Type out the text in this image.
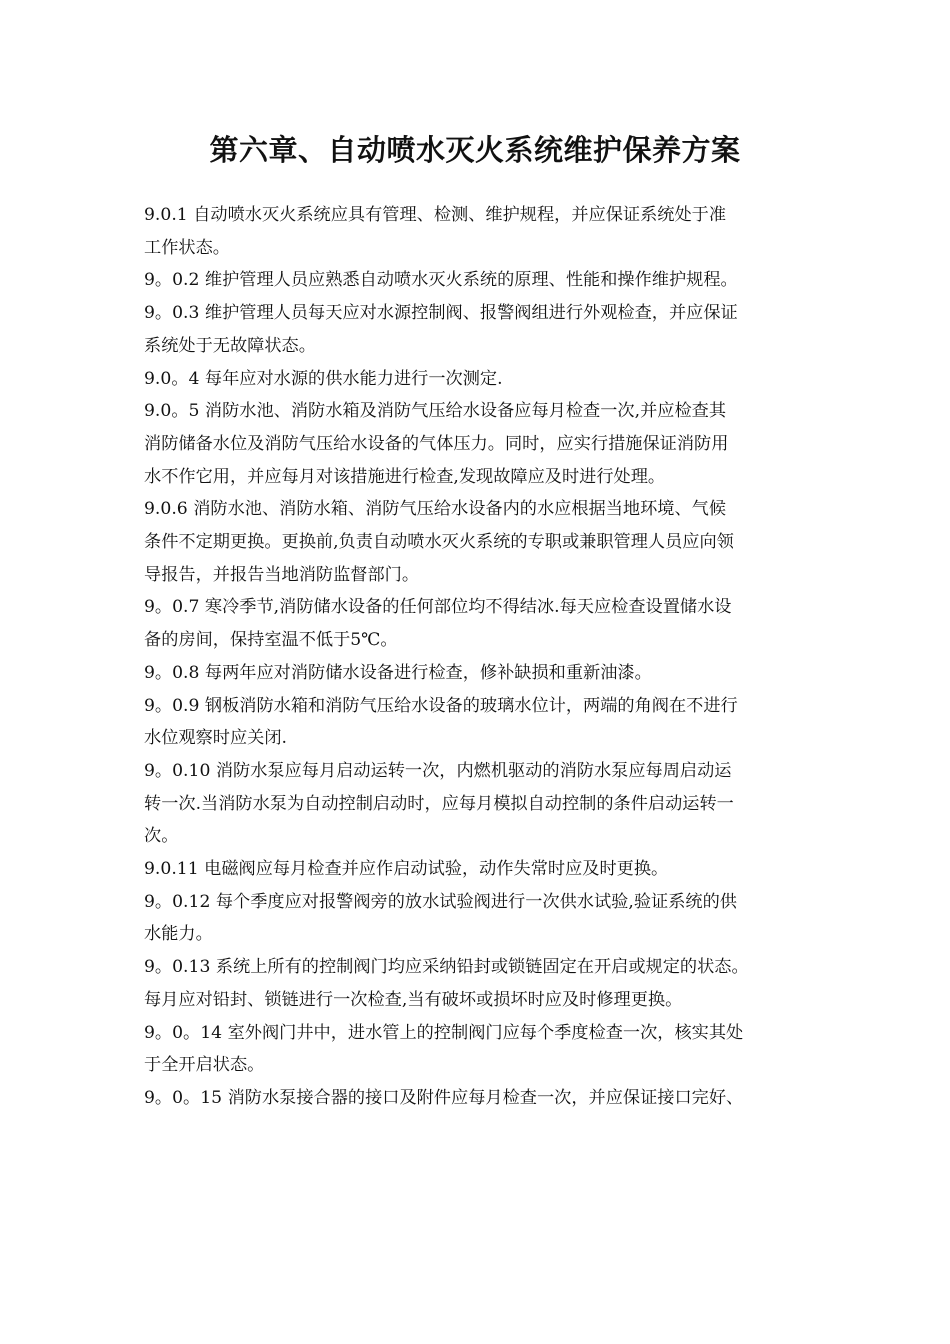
第六章、自动喷水灭火系统维护保养方案
9.0.1 自动喷水灭火系统应具有管理、检测、维护规程，并应保证系统处于准
工作状态。
9。0.2 维护管理人员应熟悉自动喷水灭火系统的原理、性能和操作维护规程。
9。0.3 维护管理人员每天应对水源控制阀、报警阀组进行外观检查，并应保证
系统处于无故障状态。
9.0。4 每年应对水源的供水能力进行一次测定.
9.0。5 消防水池、消防水箱及消防气压给水设备应每月检查一次,并应检查其
消防储备水位及消防气压给水设备的气体压力。同时，应实行措施保证消防用
水不作它用，并应每月对该措施进行检查,发现故障应及时进行处理。
9.0.6 消防水池、消防水箱、消防气压给水设备内的水应根据当地环境、气候
条件不定期更换。更换前,负责自动喷水灭火系统的专职或兼职管理人员应向领
导报告，并报告当地消防监督部门。
9。0.7 寒冷季节,消防储水设备的任何部位均不得结冰.每天应检查设置储水设
备的房间，保持室温不低于5℃。
9。0.8 每两年应对消防储水设备进行检查，修补缺损和重新油漆。
9。0.9 钢板消防水箱和消防气压给水设备的玻璃水位计，两端的角阀在不进行
水位观察时应关闭.
9。0.10 消防水泵应每月启动运转一次，内燃机驱动的消防水泵应每周启动运
转一次.当消防水泵为自动控制启动时，应每月模拟自动控制的条件启动运转一
次。
9.0.11 电磁阀应每月检查并应作启动试验，动作失常时应及时更换。
9。0.12 每个季度应对报警阀旁的放水试验阀进行一次供水试验,验证系统的供
水能力。
9。0.13 系统上所有的控制阀门均应采纳铅封或锁链固定在开启或规定的状态。
每月应对铅封、锁链进行一次检查,当有破坏或损坏时应及时修理更换。
9。0。14 室外阀门井中，进水管上的控制阀门应每个季度检查一次，核实其处
于全开启状态。
9。0。15 消防水泵接合器的接口及附件应每月检查一次，并应保证接口完好、
